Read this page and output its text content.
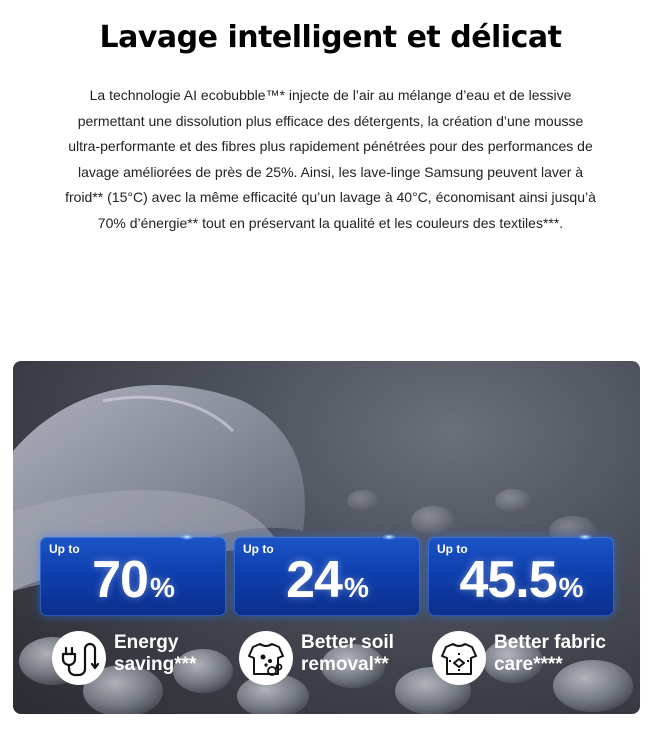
Lavage intelligent et délicat
La technologie AI ecobubble™* injecte de l’air au mélange d’eau et de lessive permettant une dissolution plus efficace des détergents, la création d’une mousse ultra-performante et des fibres plus rapidement pénétrées pour des performances de lavage améliorées de près de 25%. Ainsi, les lave-linge Samsung peuvent laver à froid** (15°C) avec la même efficacité qu’un lavage à 40°C, économisant ainsi jusqu’à 70% d’énergie** tout en préservant la qualité et les couleurs des textiles***.
Up to
70%
Up to
24%
Up to
45.5%
Energy
saving***
Better soil
removal**
Better fabric
care****
